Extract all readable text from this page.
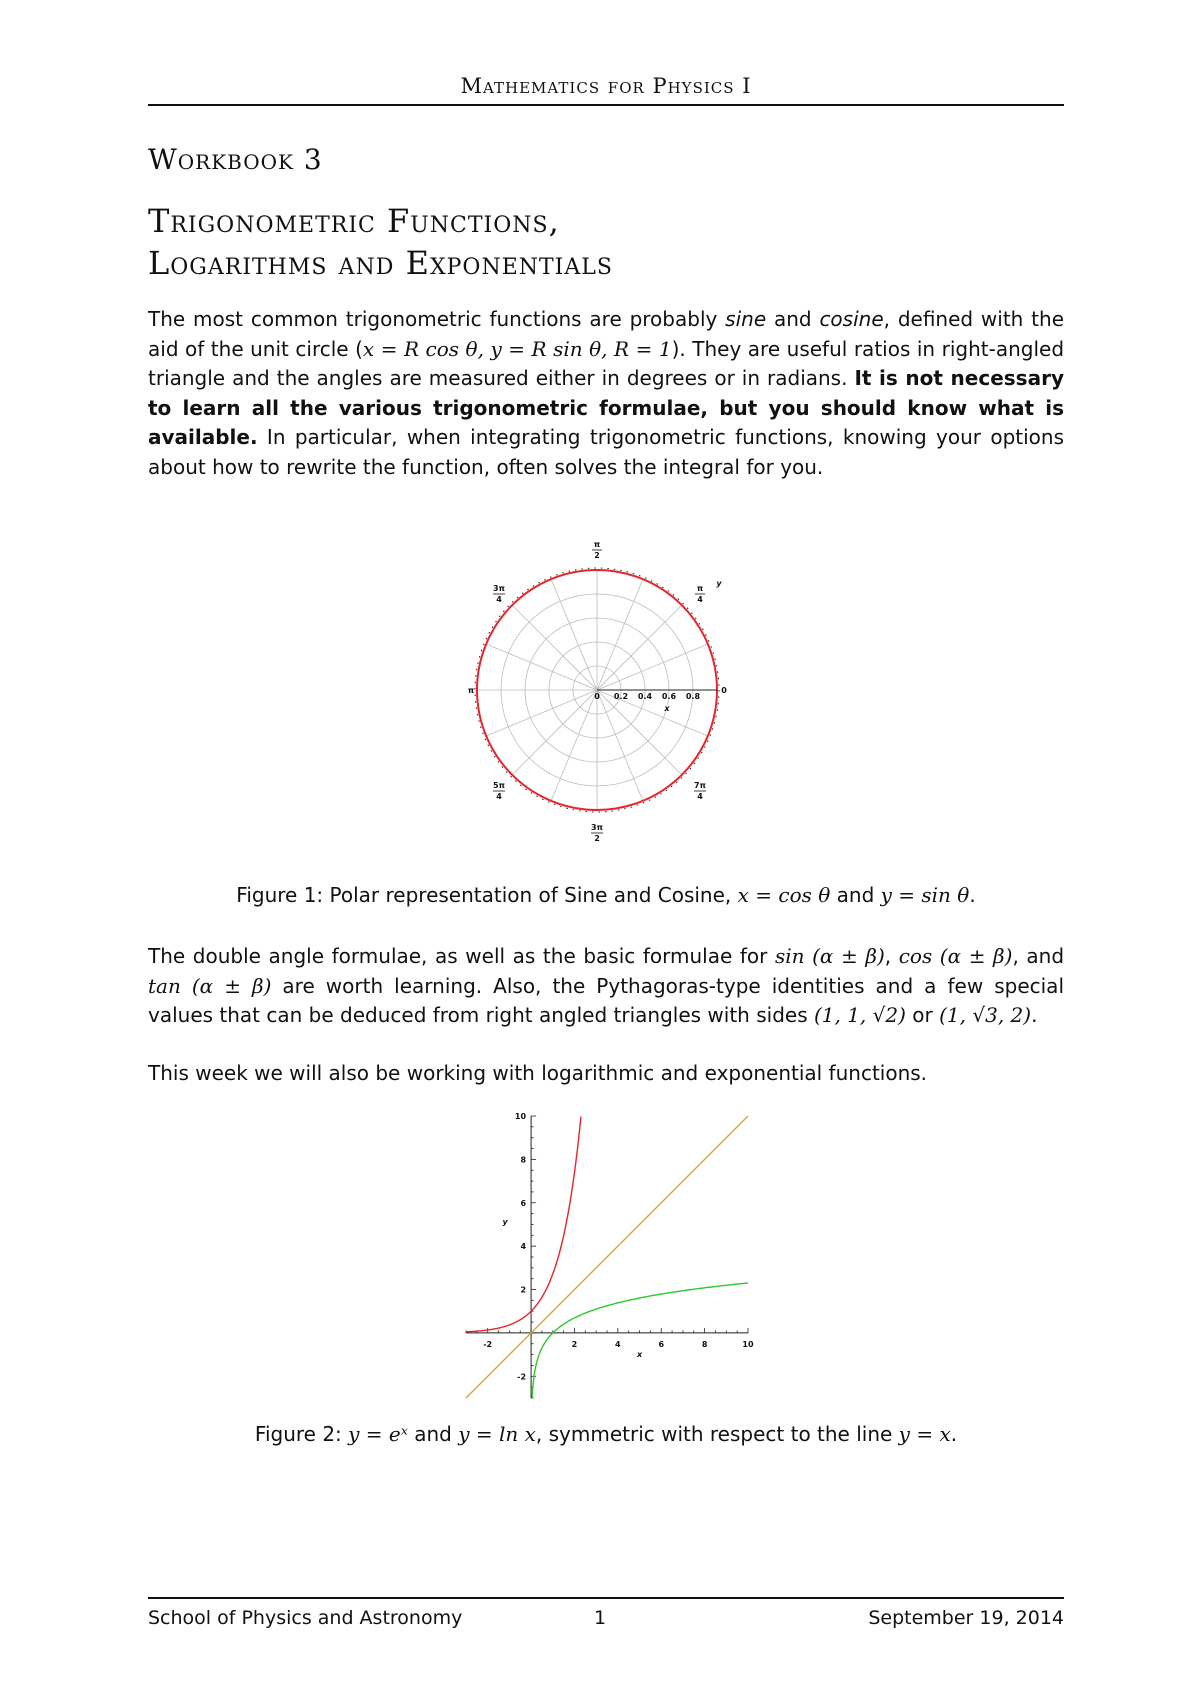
Mathematics for Physics I
Workbook 3
Trigonometric Functions,
Logarithms and Exponentials
The most common trigonometric functions are probably sine and cosine, defined with the aid of the unit circle (x = R cos θ, y = R sin θ, R = 1). They are useful ratios in right-angled triangle and the angles are measured either in degrees or in radians. It is not necessary to learn all the various trigonometric formulae, but you should know what is available. In particular, when integrating trigonometric functions, knowing your options about how to rewrite the function, often solves the integral for you.
0 0.2 0.4 0.6 0.8
x
y
π
2
3π
4
π
4
π	0
5π
4
7π
4
3π
2
Figure 1: Polar representation of Sine and Cosine, x = cos θ and y = sin θ.
The double angle formulae, as well as the basic formulae for sin (α ± β), cos (α ± β), and tan (α ± β) are worth learning. Also, the Pythagoras-type identities and a few special values that can be deduced from right angled triangles with sides (1, 1, √2) or (1, √3, 2).
This week we will also be working with logarithmic and exponential functions.
-2	2	4	6	8	10
-2
2
4
6
8
10
x
y
Figure 2: y = eˣ and y = ln x, symmetric with respect to the line y = x.
School of Physics and Astronomy	1	September 19, 2014
